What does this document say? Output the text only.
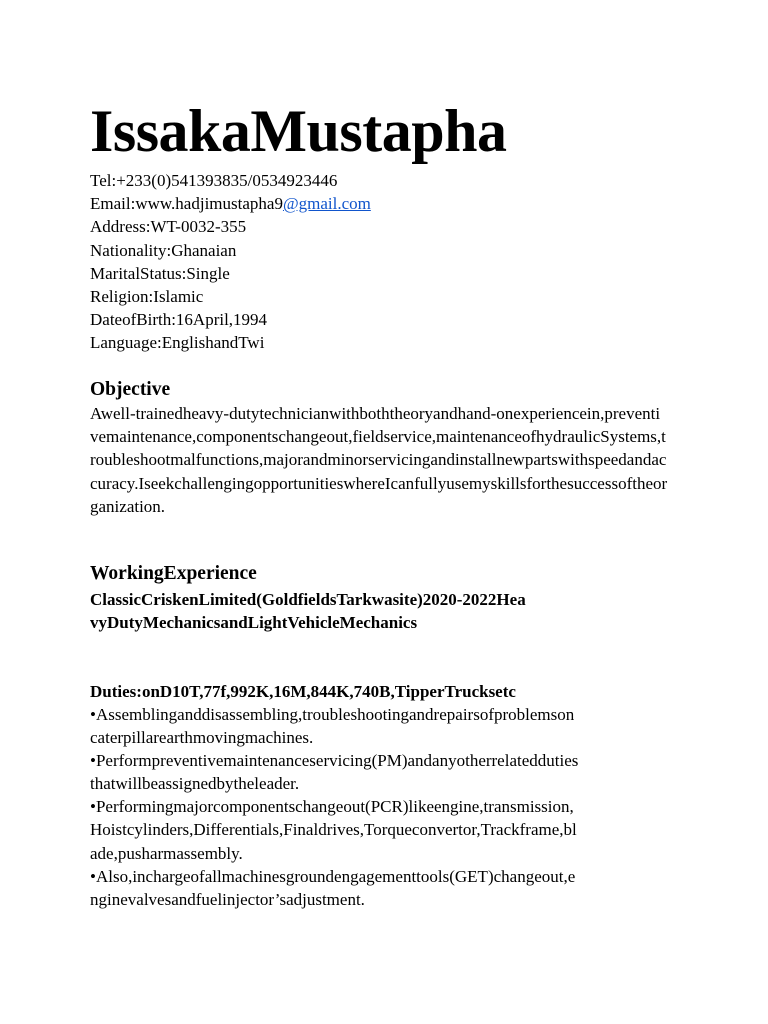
IssakaMustapha
Tel:+233(0)541393835/0534923446
Email:www.hadjimustapha9@gmail.com
Address:WT-0032-355
Nationality:Ghanaian
MaritalStatus:Single
Religion:Islamic
DateofBirth:16April,1994
Language:EnglishandTwi
Objective
Awell-trainedheavy-dutytechnicianwithboththeoryandhand-onexperiencein,preventivemaintenance,componentschangeout,fieldservice,maintenanceofhydraulicSystems,troubleshootmalfunctions,majorandminorservicingandinstallnewpartswithspeedandaccuracy.IseekchallengingopportunitieswhereIcanfullyusemyskillsforthesuccessoftheorganization.
WorkingExperience
ClassicCriskenLimited(GoldfieldsTarkwasite)2020-2022HeavyDutyMechanicsandLightVehicleMechanics
Duties:onD10T,77f,992K,16M,844K,740B,TipperTrucksetc
•Assemblinganddisassembling,troubleshootingandrepairsofproblemsoncaterpillarearthmovingmachines.
•Performpreventivemaintenanceservicing(PM)andanyotherrelateddutiesthatwillbeassignedbytheleader.
•Performingmajorcomponentschangeout(PCR)likeengine,transmission,Hoistcylinders,Differentials,Finaldrives,Torqueconvertor,Trackframe,blade,pusharmassembly.
•Also,inchargeofallmachinesgroundengagementtools(GET)changeout,enginevalvesandfuelinjector’sadjustment.
